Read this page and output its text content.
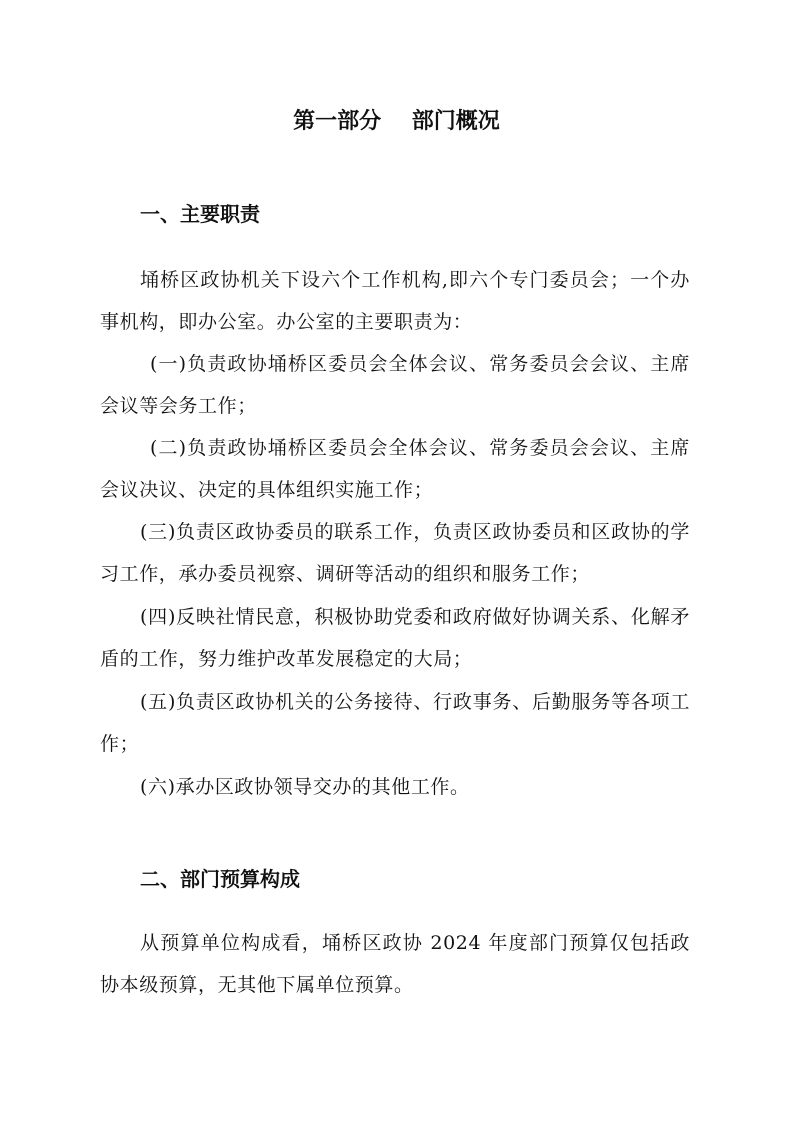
第一部分    部门概况
一、主要职责
埇桥区政协机关下设六个工作机构,即六个专门委员会；一个办事机构，即办公室。办公室的主要职责为：
(一)负责政协埇桥区委员会全体会议、常务委员会会议、主席会议等会务工作；
(二)负责政协埇桥区委员会全体会议、常务委员会会议、主席会议决议、决定的具体组织实施工作；
(三)负责区政协委员的联系工作，负责区政协委员和区政协的学习工作，承办委员视察、调研等活动的组织和服务工作；
(四)反映社情民意，积极协助党委和政府做好协调关系、化解矛盾的工作，努力维护改革发展稳定的大局；
(五)负责区政协机关的公务接待、行政事务、后勤服务等各项工作；
(六)承办区政协领导交办的其他工作。
二、部门预算构成
从预算单位构成看，埇桥区政协 2024 年度部门预算仅包括政协本级预算，无其他下属单位预算。
